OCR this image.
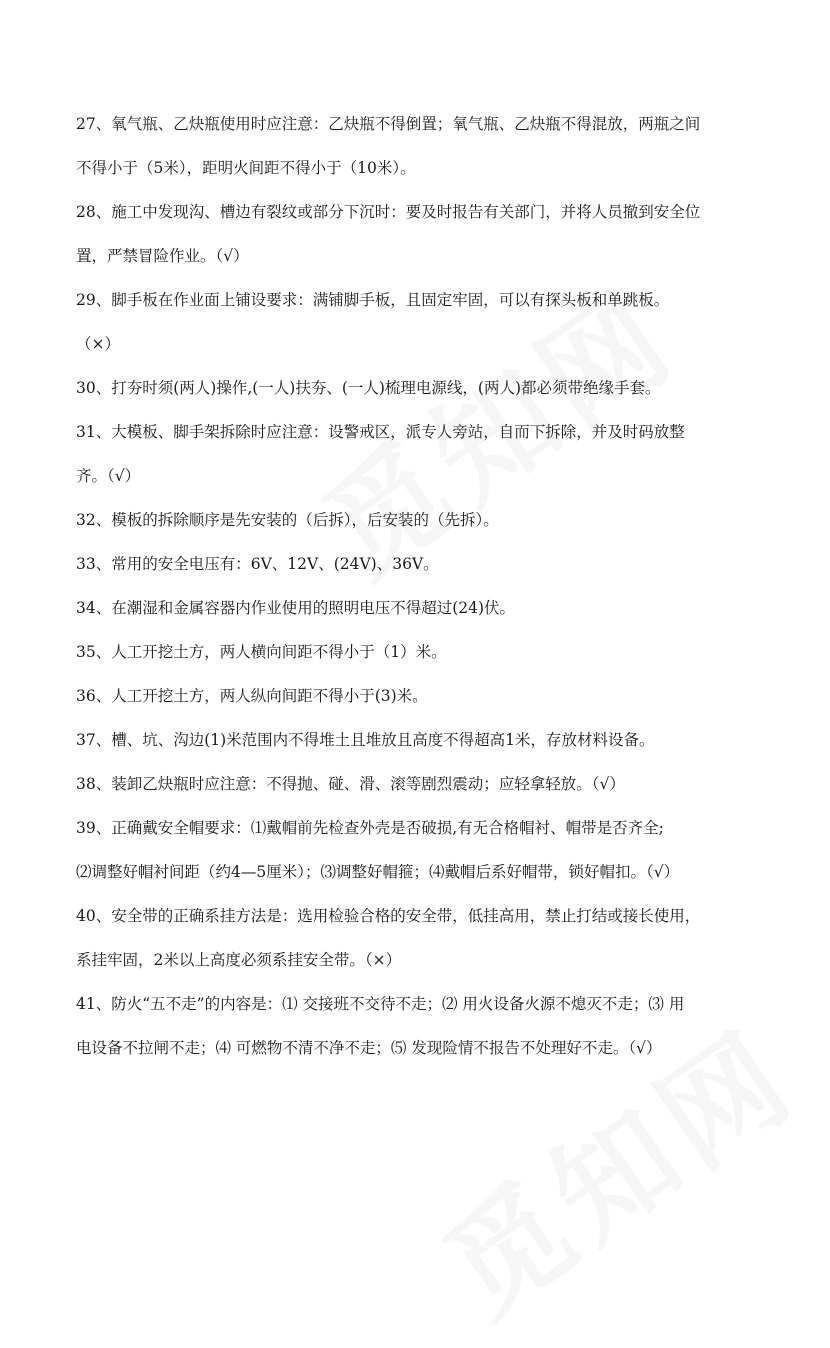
27、氧气瓶、乙炔瓶使用时应注意：乙炔瓶不得倒置；氧气瓶、乙炔瓶不得混放，两瓶之间
不得小于（5米），距明火间距不得小于（10米）。
28、施工中发现沟、槽边有裂纹或部分下沉时：要及时报告有关部门，并将人员撤到安全位
置，严禁冒险作业。（√）
29、脚手板在作业面上铺设要求：满铺脚手板，且固定牢固，可以有探头板和单跳板。
（×）
30、打夯时须(两人)操作,(一人)扶夯、(一人)梳理电源线，(两人)都必须带绝缘手套。
31、大模板、脚手架拆除时应注意：设警戒区，派专人旁站，自而下拆除，并及时码放整
齐。（√）
32、模板的拆除顺序是先安装的（后拆），后安装的（先拆）。
33、常用的安全电压有：6V、12V、(24V)、36V。
34、在潮湿和金属容器内作业使用的照明电压不得超过(24)伏。
35、人工开挖土方，两人横向间距不得小于（1）米。
36、人工开挖土方，两人纵向间距不得小于(3)米。
37、槽、坑、沟边(1)米范围内不得堆土且堆放且高度不得超高1米，存放材料设备。
38、装卸乙炔瓶时应注意：不得抛、碰、滑、滚等剧烈震动；应轻拿轻放。（√）
39、正确戴安全帽要求：⑴戴帽前先检查外壳是否破损,有无合格帽衬、帽带是否齐全;
⑵调整好帽衬间距（约4—5厘米）；⑶调整好帽箍；⑷戴帽后系好帽带，锁好帽扣。（√）
40、安全带的正确系挂方法是：选用检验合格的安全带，低挂高用，禁止打结或接长使用，
系挂牢固，2米以上高度必须系挂安全带。（×）
41、防火“五不走”的内容是：⑴ 交接班不交待不走；⑵ 用火设备火源不熄灭不走；⑶ 用
电设备不拉闸不走；⑷ 可燃物不清不净不走；⑸ 发现险情不报告不处理好不走。（√）
